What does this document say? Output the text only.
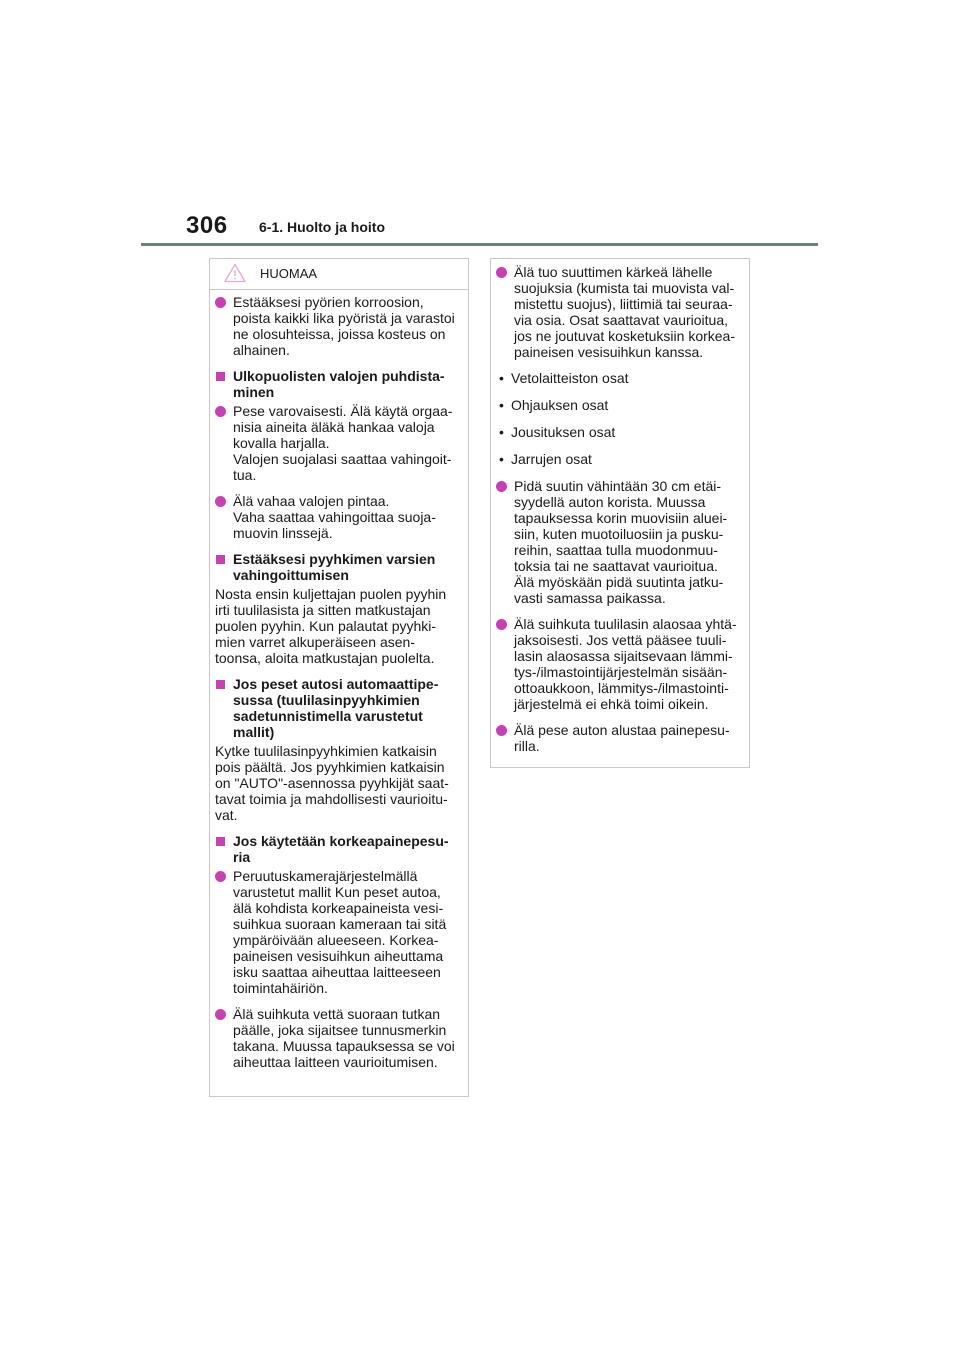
306 6-1. Huolto ja hoito
HUOMAA

Estääksesi pyörien korroosion, poista kaikki lika pyöristä ja varastoi ne olosuhteissa, joissa kosteus on alhainen.

Ulkopuolisten valojen puhdista-minen

Pese varovaisesti. Älä käytä orgaa-nisia aineita äläkä hankaa valoja kovalla harjalla.

Valojen suojalasi saattaa vahingoit-tua.

Älä vahaa valojen pintaa.

Vaha saattaa vahingoittaa suoja-muovin linssejä.

Estääksesi pyyhkimen varsien vahingoittumisen

Nosta ensin kuljettajan puolen pyyhin irti tuulilasista ja sitten matkustajan puolen pyyhin. Kun palautat pyyhki-mien varret alkuperäiseen asen-toonsa, aloita matkustajan puolelta.

Jos peset autosi automaattipe-sussa (tuulilasinpyyhkimien sadetunnistimella varustetut mallit)

Kytke tuulilasinpyyhkimien katkaisin pois päältä. Jos pyyhkimien katkaisin on "AUTO"-asennossa pyyhkijät saat-tavat toimia ja mahdollisesti vaurioitu-vat.

Jos käytetään korkeapainepesu-ria

Peruutuskamerajärjestelmällä varustetut mallit Kun peset autoa, älä kohdista korkeapaineista vesi-suihkua suoraan kameraan tai sitä ympäröivään alueeseen. Korkea-paineisen vesisuihkun aiheuttama isku saattaa aiheuttaa laitteeseen toimintahäiriön.

Älä suihkuta vettä suoraan tutkan päälle, joka sijaitsee tunnusmerkin takana. Muussa tapauksessa se voi aiheuttaa laitteen vaurioitumisen.

Älä tuo suuttimen kärkeä lähelle suojuksia (kumista tai muovista val-mistettu suojus), liittimiä tai seuraa-via osia. Osat saattavat vaurioitua, jos ne joutuvat kosketuksiin korkea-paineisen vesisuihkun kanssa.

• Vetolaitteiston osat
• Ohjauksen osat
• Jousituksen osat
• Jarrujen osat

Pidä suutin vähintään 30 cm etäi-syydellä auton korista. Muussa tapauksessa korin muovisiin aluei-siin, kuten muotoiluosiin ja pusku-reihin, saattaa tulla muodonmuu-toksia tai ne saattavat vaurioitua.

Älä myöskään pidä suutinta jatku-vasti samassa paikassa.

Älä suihkuta tuulilasin alaosaa yhtä-jaksoisesti. Jos vettä pääsee tuuli-lasin alaosassa sijaitsevaan lämmi-tys-/ilmastointijärjestelmän sisään-ottoaukkoon, lämmitys-/ilmastointi-järjestelmä ei ehkä toimi oikein.

Älä pese auton alustaa painepesu-rilla.
